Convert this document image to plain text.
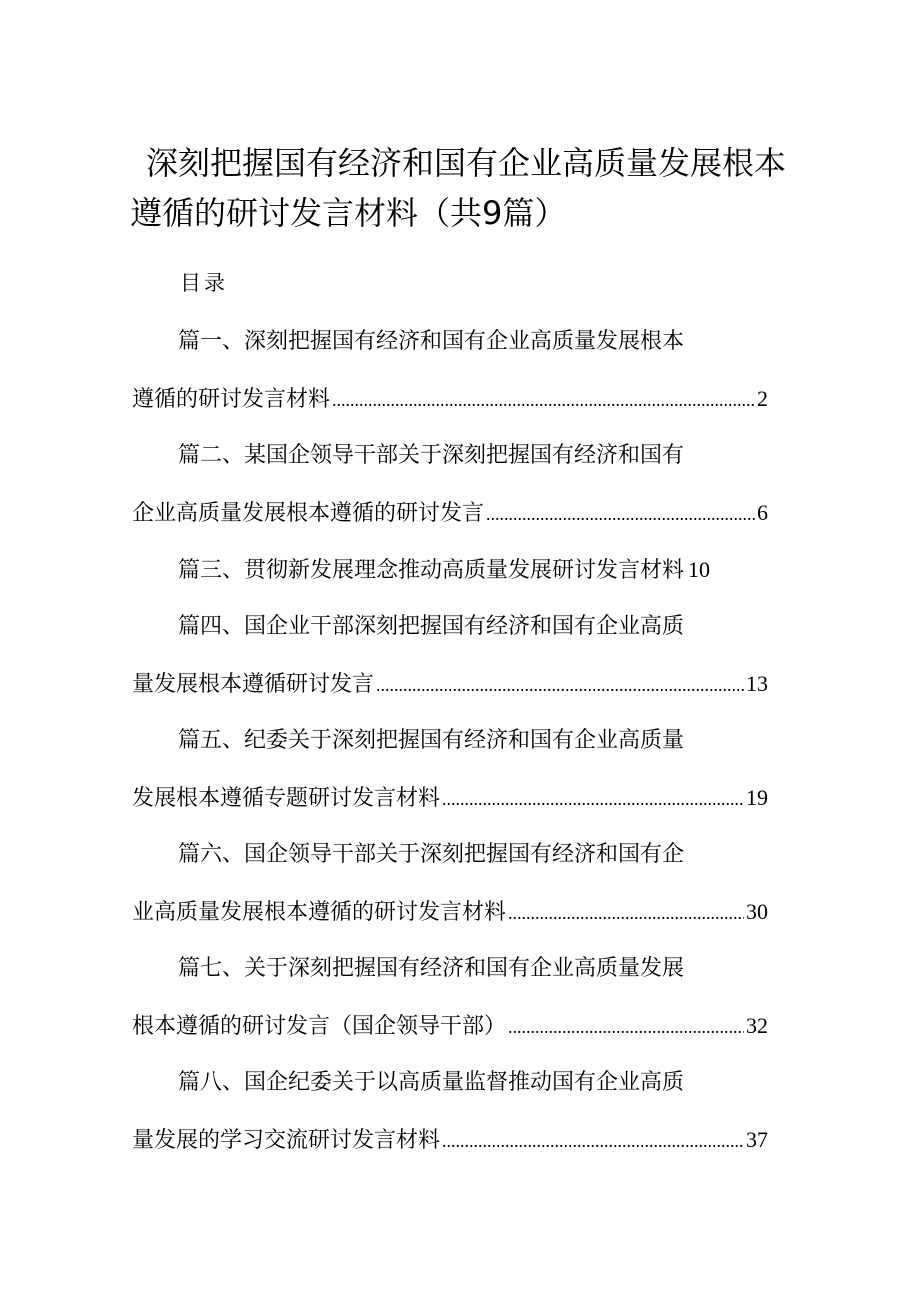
深刻把握国有经济和国有企业高质量发展根本遵循的研讨发言材料（共9篇）
目录
篇一、深刻把握国有经济和国有企业高质量发展根本
遵循的研讨发言材料 .....	2
篇二、某国企领导干部关于深刻把握国有经济和国有
企业高质量发展根本遵循的研讨发言 .....	6
篇三、贯彻新发展理念推动高质量发展研讨发言材料 10
篇四、国企业干部深刻把握国有经济和国有企业高质
量发展根本遵循研讨发言 .....	13
篇五、纪委关于深刻把握国有经济和国有企业高质量
发展根本遵循专题研讨发言材料 .....	19
篇六、国企领导干部关于深刻把握国有经济和国有企
业高质量发展根本遵循的研讨发言材料 .....	30
篇七、关于深刻把握国有经济和国有企业高质量发展
根本遵循的研讨发言（国企领导干部） .....	32
篇八、国企纪委关于以高质量监督推动国有企业高质
量发展的学习交流研讨发言材料 .....	37
